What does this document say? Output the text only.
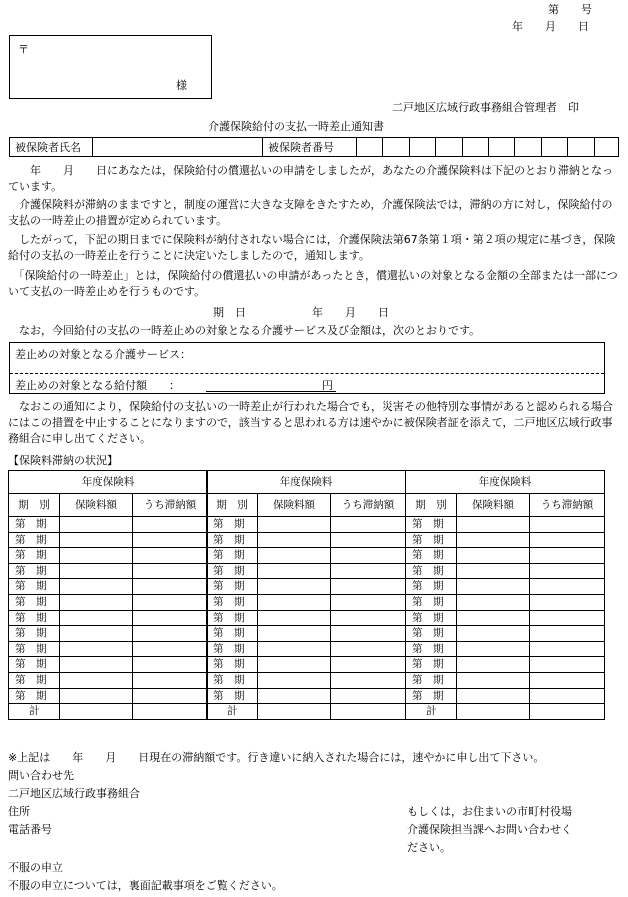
第　　号
年　　月　　日
〒
様
二戸地区広域行政事務組合管理者　印
介護保険給付の支払一時差止通知書
被保険者氏名	被保険者番号
　　年　　月　　日にあなたは，保険給付の償還払いの申請をしましたが，あなたの介護保険料は下記のとおり滞納となっています。
　介護保険料が滞納のままですと，制度の運営に大きな支障をきたすため，介護保険法では，滞納の方に対し，保険給付の支払の一時差止の措置が定められています。
　したがって，下記の期日までに保険料が納付されない場合には，介護保険法第67条第１項・第２項の規定に基づき，保険給付の支払の一時差止を行うことに決定いたしましたので，通知します。
　「保険給付の一時差止」とは，保険給付の償還払いの申請があったとき，償還払いの対象となる金額の全部または一部について支払の一時差止めを行うものです。
期　日　　　　　　年　　月　　日
　なお，今回給付の支払の一時差止めの対象となる介護サービス及び金額は，次のとおりです。
差止めの対象となる介護サービス：
差止めの対象となる給付額　　：	円
　なおこの通知により，保険給付の支払いの一時差止が行われた場合でも，災害その他特別な事情があると認められる場合にはこの措置を中止することになりますので，該当すると思われる方は速やかに被保険者証を添えて，二戸地区広域行政事務組合に申し出てください。
【保険料滞納の状況】
年度保険料		
期　別	保険料額	うち滞納額
第　期		
第　期		
第　期		
第　期		
第　期		
第　期		
第　期		
第　期		
第　期		
第　期		
第　期		
第　期		
計		
年度保険料		
期　別	保険料額	うち滞納額
第　期		
第　期		
第　期		
第　期		
第　期		
第　期		
第　期		
第　期		
第　期		
第　期		
第　期		
第　期		
計		
年度保険料		
期　別	保険料額	うち滞納額
第　期		
第　期		
第　期		
第　期		
第　期		
第　期		
第　期		
第　期		
第　期		
第　期		
第　期		
第　期		
計		
※上記は　　年　　月　　日現在の滞納額です。行き違いに納入された場合には，速やかに申し出て下さい。
問い合わせ先
二戸地区広域行政事務組合
住所
電話番号
もしくは，お住まいの市町村役場
介護保険担当課へお問い合わせく
ださい。
不服の申立
不服の申立については，裏面記載事項をご覧ください。
